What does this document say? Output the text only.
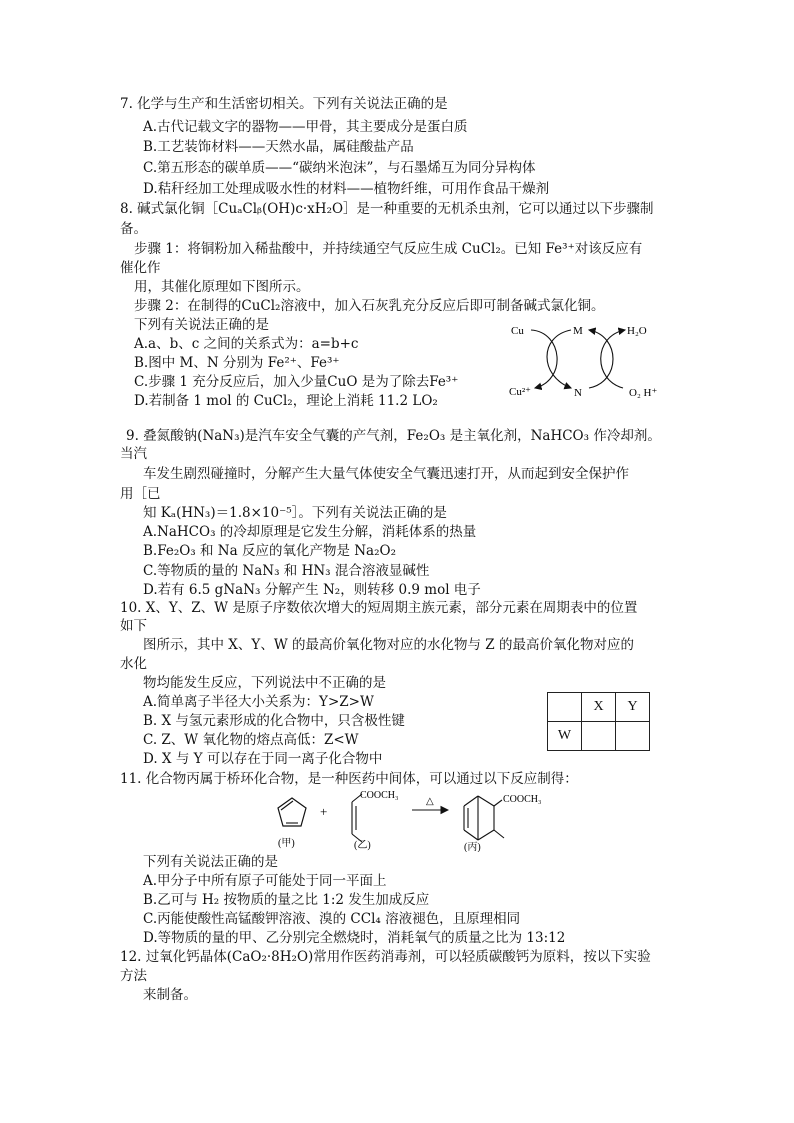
7. 化学与生产和生活密切相关。下列有关说法正确的是
A.古代记载文字的器物——甲骨，其主要成分是蛋白质
B.工艺装饰材料——天然水晶，属硅酸盐产品
C.第五形态的碳单质——“碳纳米泡沫”，与石墨烯互为同分异构体
D.秸秆经加工处理成吸水性的材料——植物纤维，可用作食品干燥剂
8. 碱式氯化铜［CuₐClᵦ(OH)c·xH₂O］是一种重要的无机杀虫剂，它可以通过以下步骤制
备。
步骤 1：将铜粉加入稀盐酸中，并持续通空气反应生成 CuCl₂。已知 Fe³⁺对该反应有
催化作
用，其催化原理如下图所示。
步骤 2：在制得的CuCl₂溶液中，加入石灰乳充分反应后即可制备碱式氯化铜。
下列有关说法正确的是
A.a、b、c 之间的关系式为：a=b+c
B.图中 M、N 分别为 Fe²⁺、Fe³⁺
C.步骤 1 充分反应后，加入少量CuO 是为了除去Fe³⁺
D.若制备 1 mol 的 CuCl₂，理论上消耗 11.2 LO₂
Cu	M	H₂O
Cu²⁺	N	O₂ H⁺
9. 叠氮酸钠(NaN₃)是汽车安全气囊的产气剂，Fe₂O₃ 是主氧化剂，NaHCO₃ 作冷却剂。
当汽
车发生剧烈碰撞时，分解产生大量气体使安全气囊迅速打开，从而起到安全保护作
用［已
知 Kₐ(HN₃)＝1.8×10⁻⁵］。下列有关说法正确的是
A.NaHCO₃ 的冷却原理是它发生分解，消耗体系的热量
B.Fe₂O₃ 和 Na 反应的氧化产物是 Na₂O₂
C.等物质的量的 NaN₃ 和 HN₃ 混合溶液显碱性
D.若有 6.5 gNaN₃ 分解产生 N₂，则转移 0.9 mol 电子
10. X、Y、Z、W 是原子序数依次增大的短周期主族元素，部分元素在周期表中的位置
如下
图所示，其中 X、Y、W 的最高价氧化物对应的水化物与 Z 的最高价氧化物对应的
水化
物均能发生反应，下列说法中不正确的是
A.简单离子半径大小关系为：Y>Z>W
B. X 与氢元素形成的化合物中，只含极性键
C. Z、W 氧化物的熔点高低：Z<W
D. X 与 Y 可以存在于同一离子化合物中
	X	Y
W		
11. 化合物丙属于桥环化合物，是一种医药中间体，可以通过以下反应制得：
+
COOCH₃
△	COOCH₃
(甲)	(乙)	(丙)
下列有关说法正确的是
A.甲分子中所有原子可能处于同一平面上
B.乙可与 H₂ 按物质的量之比 1:2 发生加成反应
C.丙能使酸性高锰酸钾溶液、溴的 CCl₄ 溶液褪色，且原理相同
D.等物质的量的甲、乙分别完全燃烧时，消耗氧气的质量之比为 13:12
12. 过氧化钙晶体(CaO₂·8H₂O)常用作医药消毒剂，可以轻质碳酸钙为原料，按以下实验
方法
来制备。
